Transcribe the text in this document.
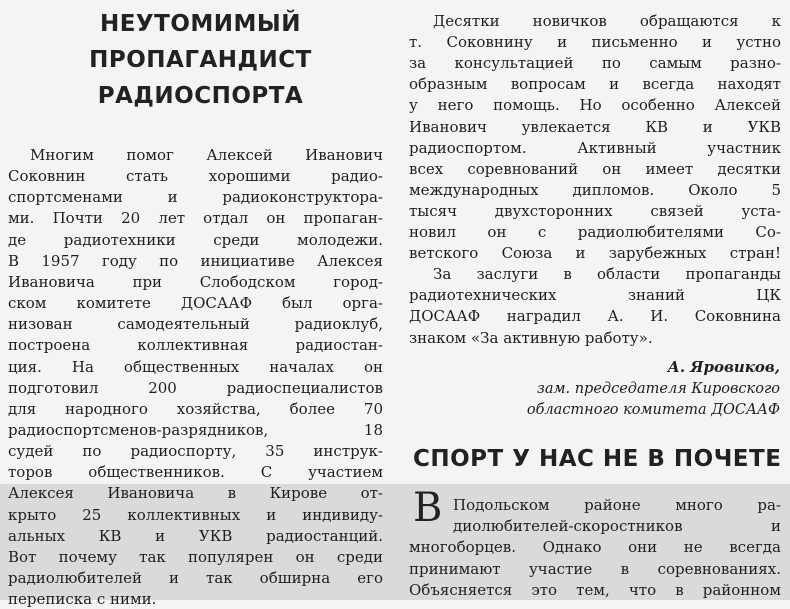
НЕУТОМИМЫЙ
ПРОПАГАНДИСТ
РАДИОСПОРТА
Многим помог Алексей Иванович
Соковнин стать хорошими радио-
спортсменами и радиоконструктора-
ми. Почти 20 лет отдал он пропаган-
де радиотехники среди молодежи.
В 1957 году по инициативе Алексея
Ивановича при Слободском город-
ском комитете ДОСААФ был орга-
низован самодеятельный радиоклуб,
построена коллективная радиостан-
ция. На общественных началах он
подготовил 200 радиоспециалистов
для народного хозяйства, более 70
радиоспортсменов-разрядников, 18
судей по радиоспорту, 35 инструк-
торов общественников. С участием
Алексея Ивановича в Кирове от-
крыто 25 коллективных и индивиду-
альных КВ и УКВ радиостанций.
Вот почему так популярен он среди
радиолюбителей и так обширна его
переписка с ними.
Десятки новичков обращаются к
т. Соковнину и письменно и устно
за консультацией по самым разно-
образным вопросам и всегда находят
у него помощь. Но особенно Алексей
Иванович увлекается КВ и УКВ
радиоспортом. Активный участник
всех соревнований он имеет десятки
международных дипломов. Около 5
тысяч двухсторонних связей уста-
новил он с радиолюбителями Со-
ветского Союза и зарубежных стран!
За заслуги в области пропаганды
радиотехнических знаний ЦК
ДОСААФ наградил А. И. Соковнина
знаком «За активную работу».
А. Яровиков,
зам. председателя Кировского
областного комитета ДОСААФ
СПОРТ У НАС НЕ В ПОЧЕТЕ
В Подольском районе много ра-
диолюбителей-скоростников и
многоборцев. Однако они не всегда
принимают участие в соревнованиях.
Объясняется это тем, что в районном
